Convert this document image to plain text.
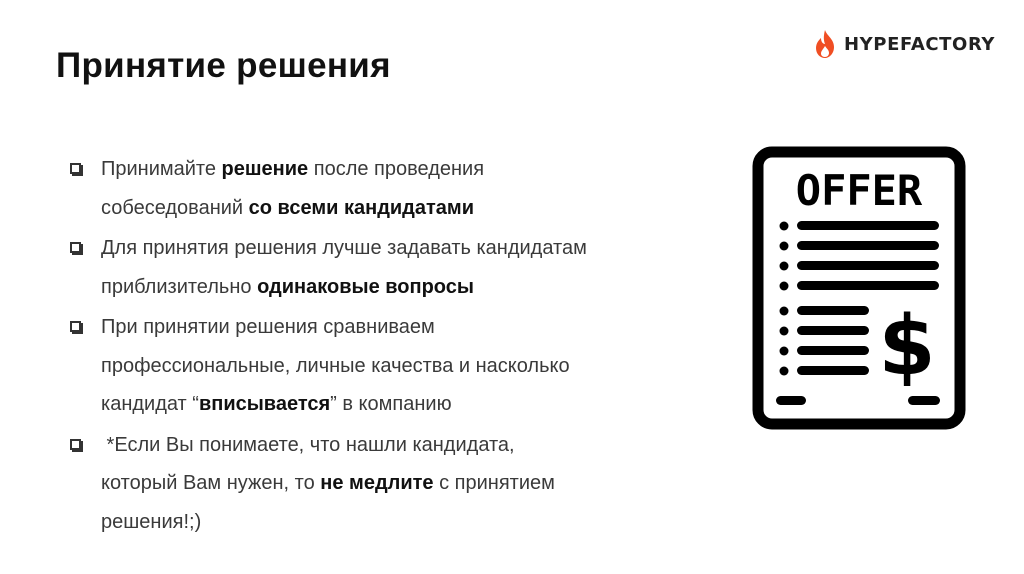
Принятие решения
HYPEFACTORY
Принимайте решение после проведения
собеседований со всеми кандидатами
Для принятия решения лучше задавать кандидатам
приблизительно одинаковые вопросы
При принятии решения сравниваем
профессиональные, личные качества и насколько
кандидат “вписывается” в компанию
*Если Вы понимаете, что нашли кандидата,
который Вам нужен, то не медлите с принятием
решения!;)
OFFER
$
